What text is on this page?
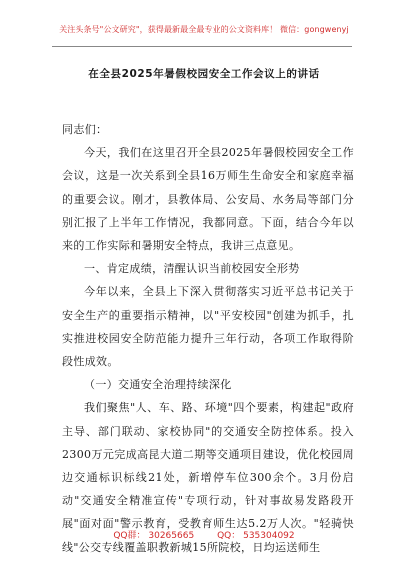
关注头条号"公文研究"，获得最新最全最专业的公文资料库！ 微信：gongwenyj
在全县2025年暑假校园安全工作会议上的讲话

同志们：

今天，我们在这里召开全县2025年暑假校园安全工作会议，这是一次关系到全县16万师生生命安全和家庭幸福的重要会议。刚才，县教体局、公安局、水务局等部门分别汇报了上半年工作情况，我都同意。下面，结合今年以来的工作实际和暑期安全特点，我讲三点意见。

一、肯定成绩，清醒认识当前校园安全形势

今年以来，全县上下深入贯彻落实习近平总书记关于安全生产的重要指示精神，以"平安校园"创建为抓手，扎实推进校园安全防范能力提升三年行动，各项工作取得阶段性成效。

（一）交通安全治理持续深化

我们聚焦"人、车、路、环境"四个要素，构建起"政府主导、部门联动、家校协同"的交通安全防控体系。投入2300万元完成高昆大道二期等交通项目建设，优化校园周边交通标识标线21处，新增停车位300余个。3月份启动"交通安全精准宣传"专项行动，针对事故易发路段开展"面对面"警示教育，受教育师生达5.2万人次。"轻骑快线"公交专线覆盖职教新城15所院校，日均运送师生

QQ群： 30265665	QQ： 535304092
